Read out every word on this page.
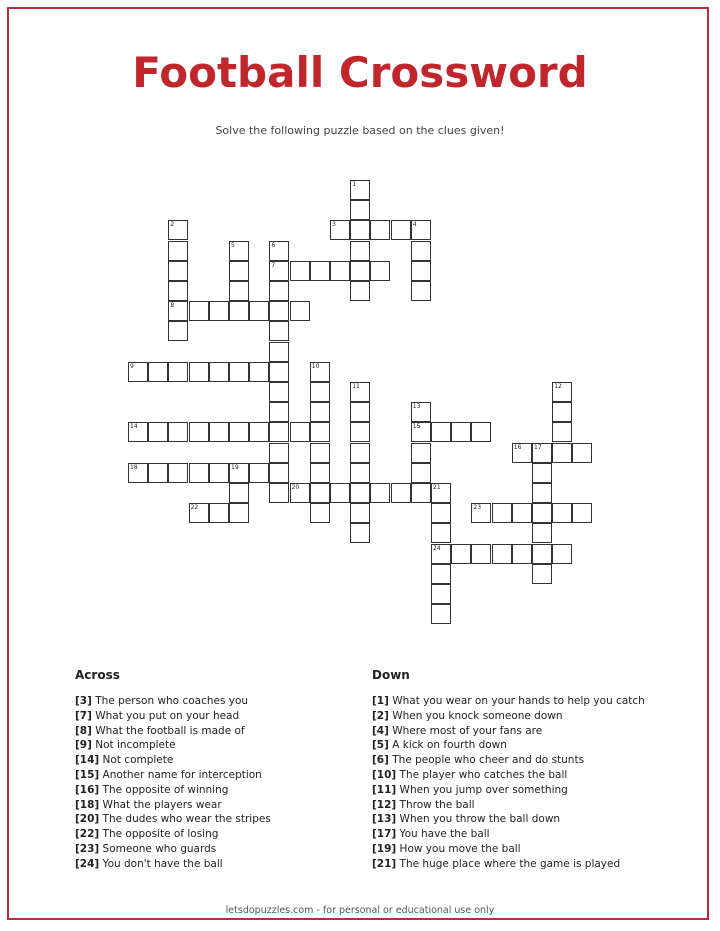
Football Crossword
Solve the following puzzle based on the clues given!
1
2
8
3	4
5	6
7
9	10
11	12
13
15
14
16 17
18	19
20	21
24
22	23
Across
[3] The person who coaches you
[7] What you put on your head
[8] What the football is made of
[9] Not incomplete
[14] Not complete
[15] Another name for interception
[16] The opposite of winning
[18] What the players wear
[20] The dudes who wear the stripes
[22] The opposite of losing
[23] Someone who guards
[24] You don't have the ball
Down
[1] What you wear on your hands to help you catch
[2] When you knock someone down
[4] Where most of your fans are
[5] A kick on fourth down
[6] The people who cheer and do stunts
[10] The player who catches the ball
[11] When you jump over something
[12] Throw the ball
[13] When you throw the ball down
[17] You have the ball
[19] How you move the ball
[21] The huge place where the game is played
letsdopuzzles.com - for personal or educational use only
